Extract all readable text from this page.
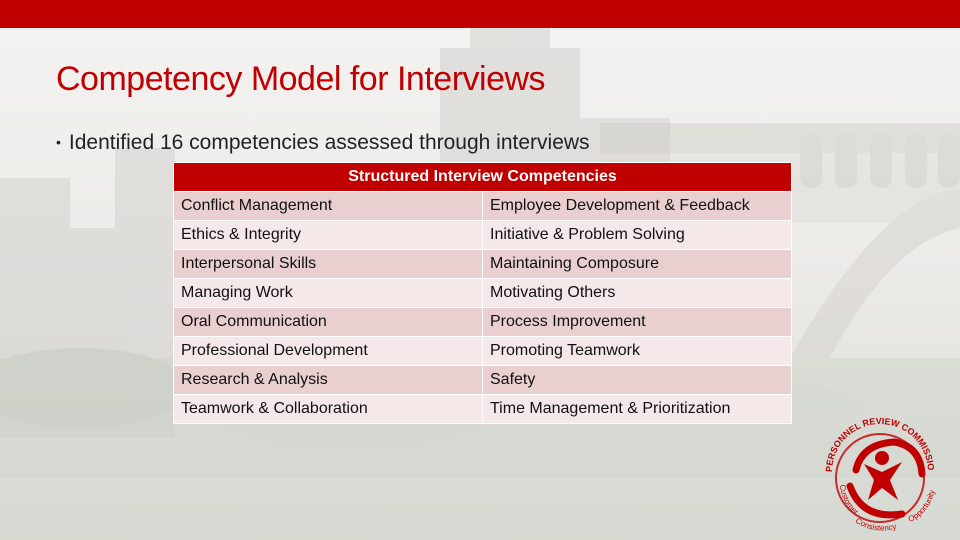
Competency Model for Interviews
• Identified 16 competencies assessed through interviews
Structured Interview Competencies	
Conflict Management	Employee Development & Feedback
Ethics & Integrity	Initiative & Problem Solving
Interpersonal Skills	Maintaining Composure
Managing Work	Motivating Others
Oral Communication	Process Improvement
Professional Development	Promoting Teamwork
Research & Analysis	Safety
Teamwork & Collaboration	Time Management & Prioritization
PERSONNEL REVIEW COMMISSIO
Customer
Consistency
Opportunity
